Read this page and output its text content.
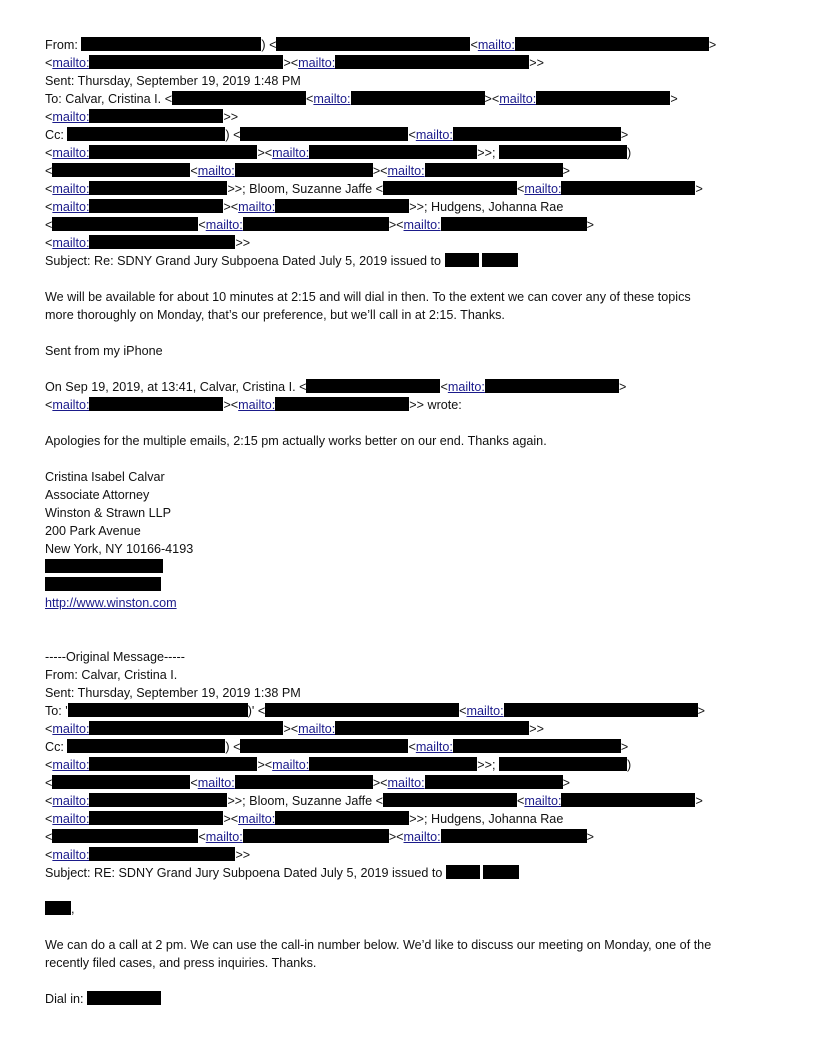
From:	) <	<mailto:	>
<mailto:	><mailto:	>>
Sent: Thursday, September 19, 2019 1:48 PM
To: Calvar, Cristina I. <	<mailto:	><mailto:	>
<mailto:	>>
Cc:	) <	<mailto:	>
<mailto:	><mailto:	>>;	)
<	<mailto:	><mailto:	>
<mailto:	>>; Bloom, Suzanne Jaffe <	<mailto:	>
<mailto:	><mailto:	>>; Hudgens, Johanna Rae
<	<mailto:	><mailto:	>
<mailto:	>>
Subject: Re: SDNY Grand Jury Subpoena Dated July 5, 2019 issued to
We will be available for about 10 minutes at 2:15 and will dial in then. To the extent we can cover any of these topics
more thoroughly on Monday, that’s our preference, but we’ll call in at 2:15. Thanks.
Sent from my iPhone
On Sep 19, 2019, at 13:41, Calvar, Cristina I. <	<mailto:	>
<mailto:	><mailto:	>> wrote:
Apologies for the multiple emails, 2:15 pm actually works better on our end. Thanks again.
Cristina Isabel Calvar
Associate Attorney
Winston & Strawn LLP
200 Park Avenue
New York, NY 10166-4193
http://www.winston.com
-----Original Message-----
From: Calvar, Cristina I.
Sent: Thursday, September 19, 2019 1:38 PM
To: '	)' <	<mailto:	>
<mailto:	><mailto:	>>
Cc:	) <	<mailto:	>
<mailto:	><mailto:	>>;	)
<	<mailto:	><mailto:	>
<mailto:	>>; Bloom, Suzanne Jaffe <	<mailto:	>
<mailto:	><mailto:	>>; Hudgens, Johanna Rae
<	<mailto:	><mailto:	>
<mailto:	>>
Subject: RE: SDNY Grand Jury Subpoena Dated July 5, 2019 issued to
,
We can do a call at 2 pm. We can use the call-in number below. We’d like to discuss our meeting on Monday, one of the
recently filed cases, and press inquiries. Thanks.
Dial in:
